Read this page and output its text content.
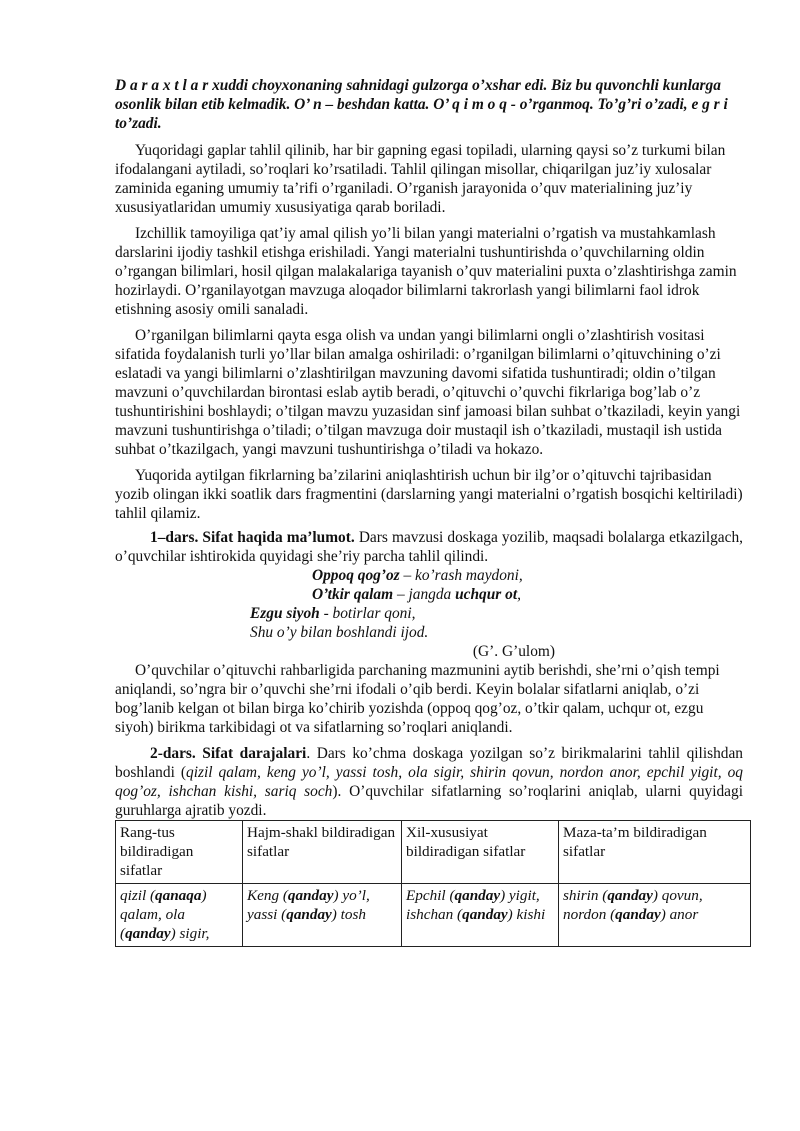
D a r a x t l a r xuddi choyxonaning sahnidagi gulzorga o’xshar edi. Biz bu quvonchli kunlarga osonlik bilan etib kelmadik. O’ n – beshdan katta. O’ q i m o q - o’rganmoq. To’g’ri o’zadi, e g r i to’zadi.

Yuqoridagi gaplar tahlil qilinib, har bir gapning egasi topiladi, ularning qaysi so’z turkumi bilan ifodalangani aytiladi, so’roqlari ko’rsatiladi. Tahlil qilingan misollar, chiqarilgan juz’iy xulosalar zaminida eganing umumiy ta’rifi o’rganiladi. O’rganish jarayonida o’quv materialining juz’iy xususiyatlaridan umumiy xususiyatiga qarab boriladi.

Izchillik tamoyiliga qat’iy amal qilish yo’li bilan yangi materialni o’rgatish va mustahkamlash darslarini ijodiy tashkil etishga erishiladi. Yangi materialni tushuntirishda o’quvchilarning oldin o’rgangan bilimlari, hosil qilgan malakalariga tayanish o’quv materialini puxta o’zlashtirishga zamin hozirlaydi. O’rganilayotgan mavzuga aloqador bilimlarni takrorlash yangi bilimlarni faol idrok etishning asosiy omili sanaladi.

O’rganilgan bilimlarni qayta esga olish va undan yangi bilimlarni ongli o’zlashtirish vositasi sifatida foydalanish turli yo’llar bilan amalga oshiriladi: o’rganilgan bilimlarni o’qituvchining o’zi eslatadi va yangi bilimlarni o’zlashtirilgan mavzuning davomi sifatida tushuntiradi; oldin o’tilgan mavzuni o’quvchilardan birontasi eslab aytib beradi, o’qituvchi o’quvchi fikrlariga bog’lab o’z tushuntirishini boshlaydi; o’tilgan mavzu yuzasidan sinf jamoasi bilan suhbat o’tkaziladi, keyin yangi mavzuni tushuntirishga o’tiladi; o’tilgan mavzuga doir mustaqil ish o’tkaziladi, mustaqil ish ustida suhbat o’tkazilgach, yangi mavzuni tushuntirishga o’tiladi va hokazo.

Yuqorida aytilgan fikrlarning ba’zilarini aniqlashtirish uchun bir ilg’or o’qituvchi tajribasidan yozib olingan ikki soatlik dars fragmentini (darslarning yangi materialni o’rgatish bosqichi keltiriladi) tahlil qilamiz.

1–dars. Sifat haqida ma’lumot. Dars mavzusi doskaga yozilib, maqsadi bolalarga etkazilgach, o’quvchilar ishtirokida quyidagi she’riy parcha tahlil qilindi.

Oppoq qog’oz – ko’rash maydoni,
O’tkir qalam – jangda uchqur ot,
Ezgu siyoh - botirlar qoni,
Shu o’y bilan boshlandi ijod.
(G’. G’ulom)

O’quvchilar o’qituvchi rahbarligida parchaning mazmunini aytib berishdi, she’rni o’qish tempi aniqlandi, so’ngra bir o’quvchi she’rni ifodali o’qib berdi. Keyin bolalar sifatlarni aniqlab, o’zi bog’lanib kelgan ot bilan birga ko’chirib yozishda (oppoq qog’oz, o’tkir qalam, uchqur ot, ezgu siyoh) birikma tarkibidagi ot va sifatlarning so’roqlari aniqlandi.

2-dars. Sifat darajalari. Dars ko’chma doskaga yozilgan so’z birikmalarini tahlil qilishdan boshlandi (qizil qalam, keng yo’l, yassi tosh, ola sigir, shirin qovun, nordon anor, epchil yigit, oq qog’oz, ishchan kishi, sariq soch). O’quvchilar sifatlarning so’roqlarini aniqlab, ularni quyidagi guruhlarga ajratib yozdi.

Rang-tus bildiradigan sifatlar	Hajm-shakl bildiradigan sifatlar	Xil-xususiyat bildiradigan sifatlar	Maza-ta’m bildiradigan sifatlar
qizil (qanaqa) qalam, ola (qanday) sigir,	Keng (qanday) yo’l, yassi (qanday) tosh	Epchil (qanday) yigit, ishchan (qanday) kishi	shirin (qanday) qovun, nordon (qanday) anor
